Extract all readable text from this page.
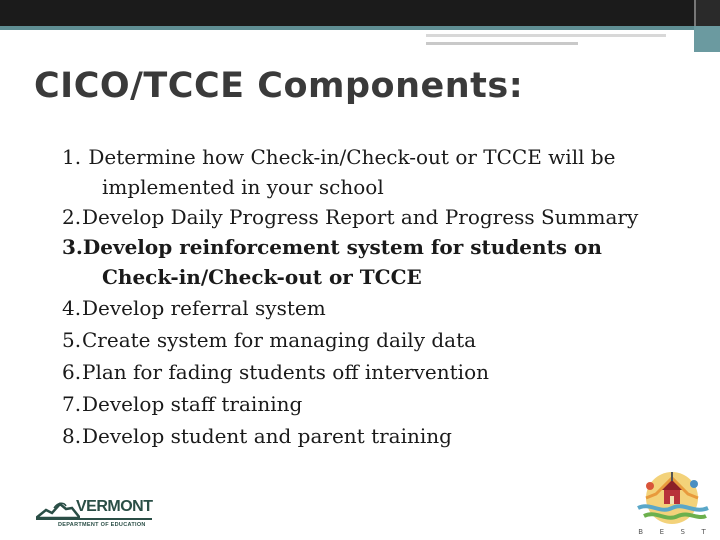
CICO/TCCE Components:
1. Determine how Check-in/Check-out or TCCE will be implemented in your school
2.Develop Daily Progress Report and Progress Summary
3.Develop reinforcement system for students on Check-in/Check-out or TCCE
4.Develop referral system
5.Create system for managing daily data
6.Plan for fading students off intervention
7.Develop staff training
8.Develop student and parent training
VERMONT
DEPARTMENT OF EDUCATION
B E S T
